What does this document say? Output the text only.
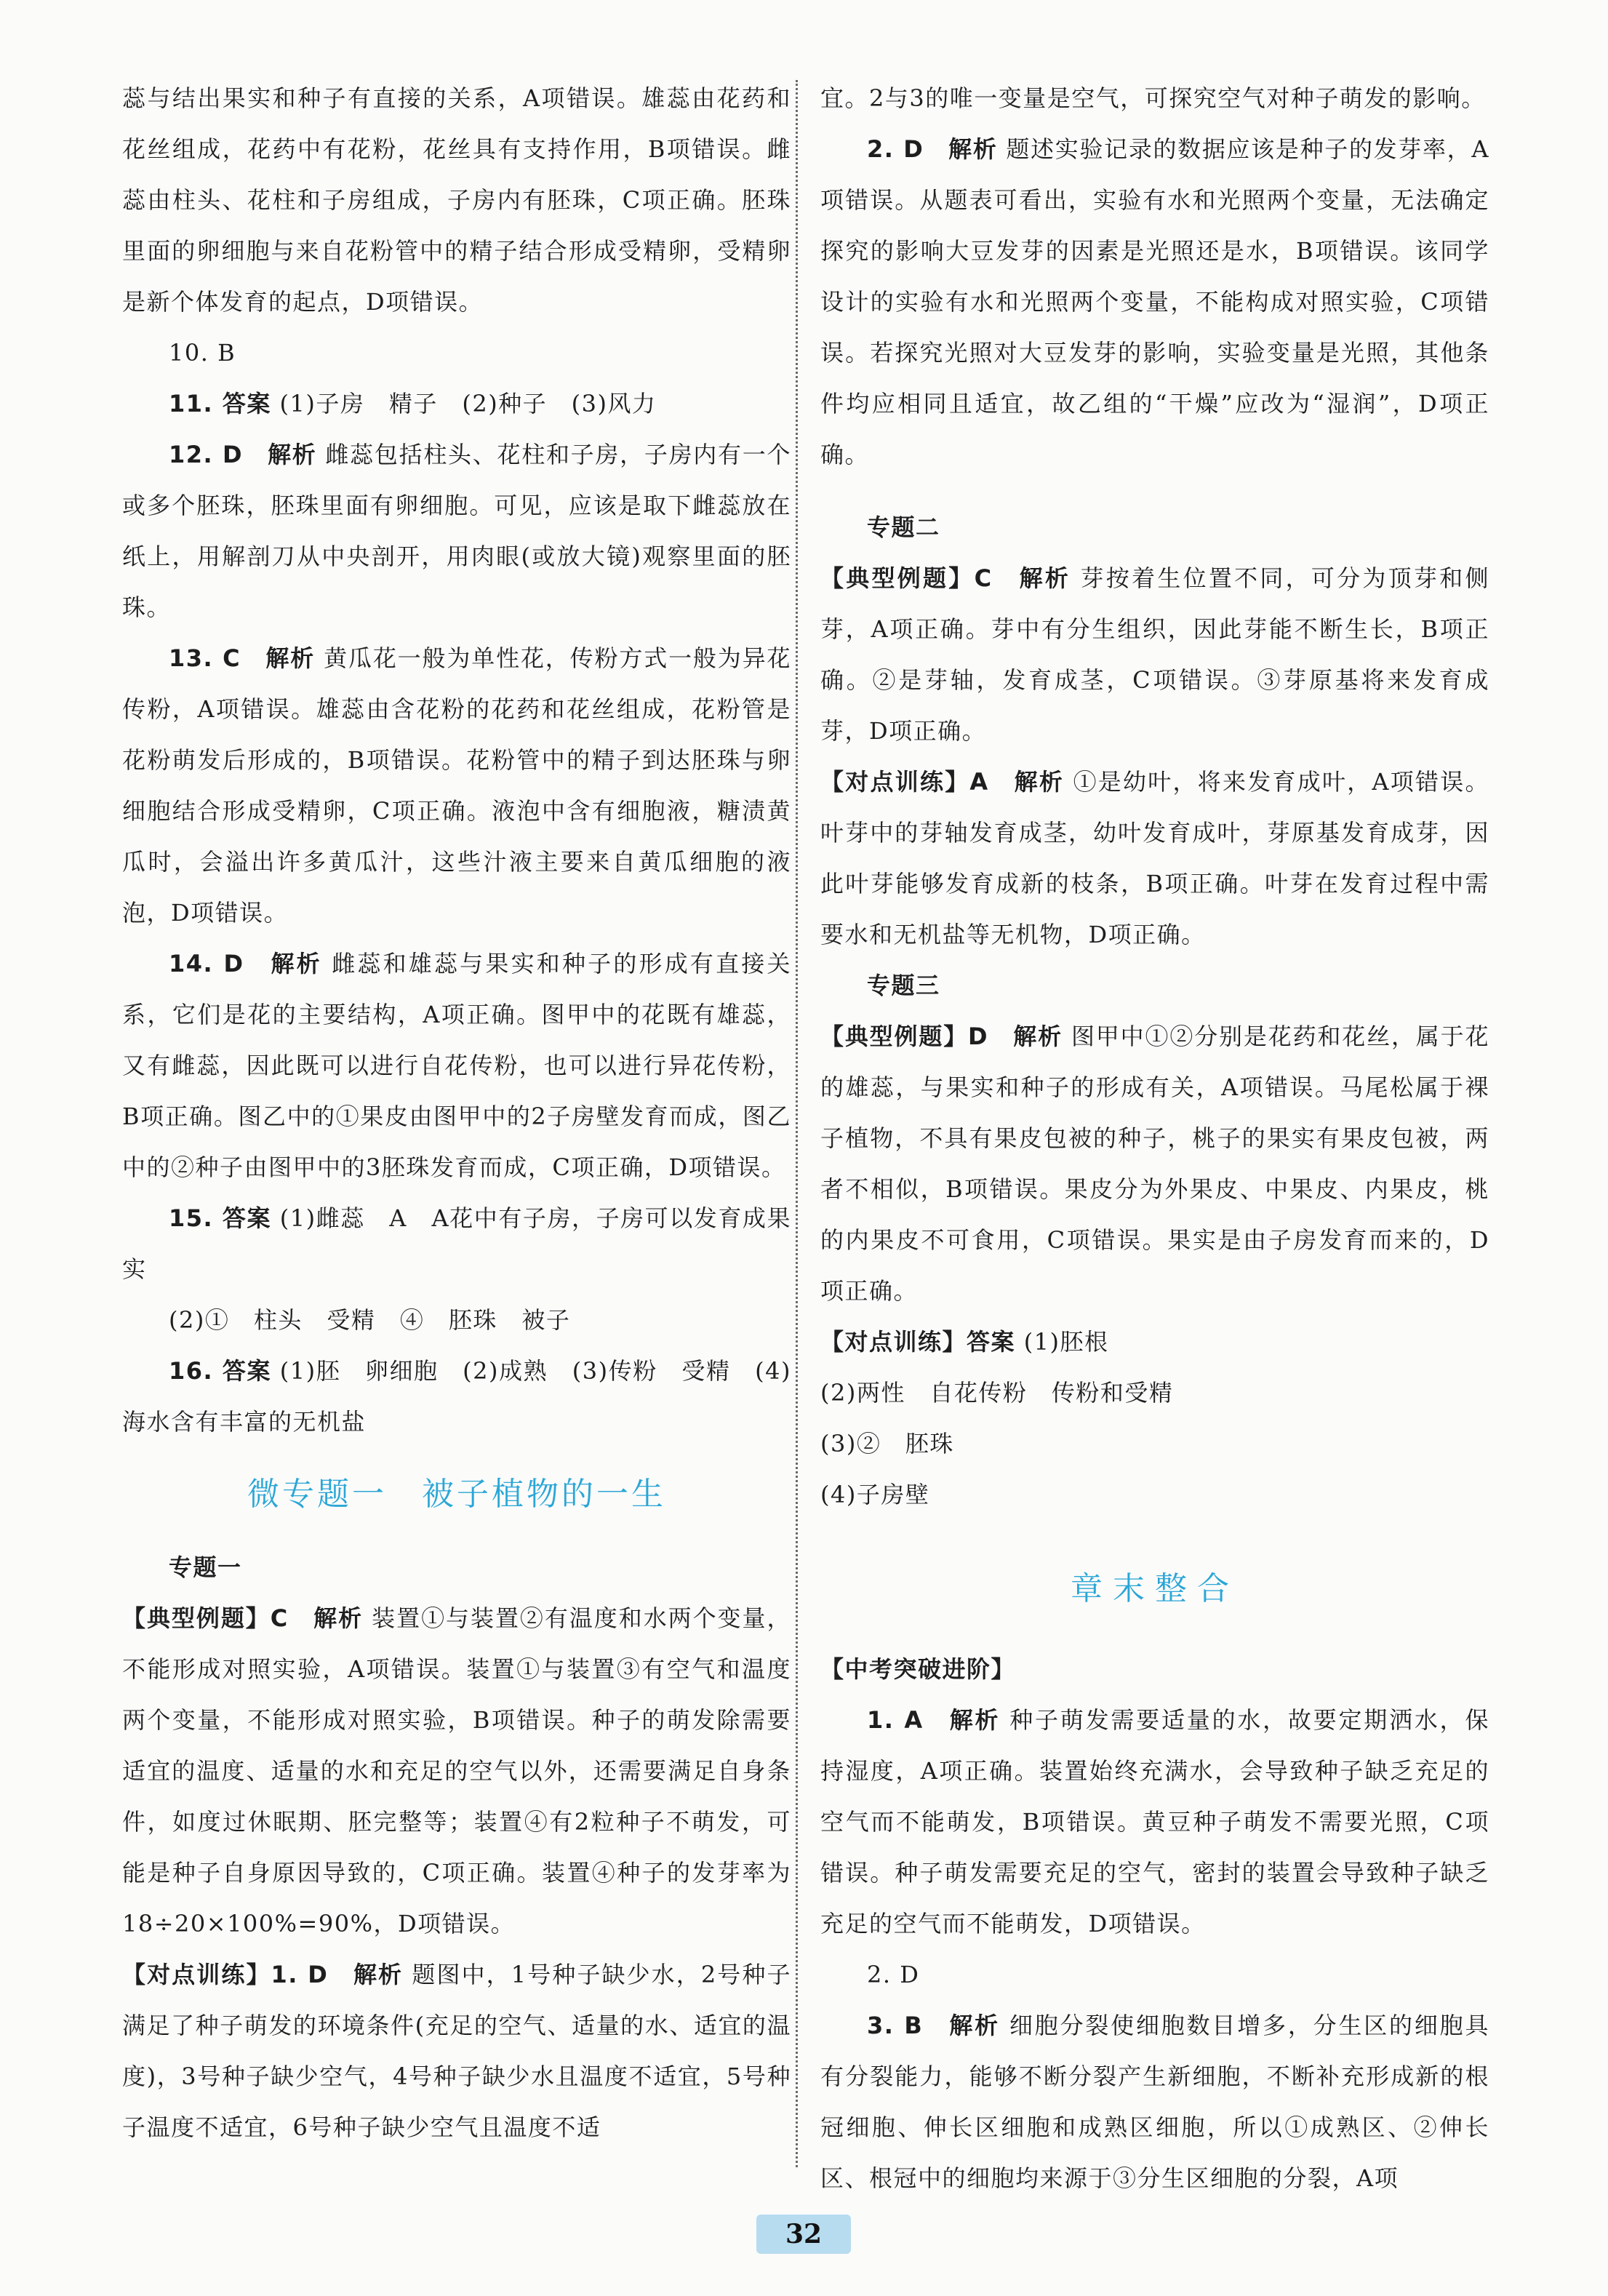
蕊与结出果实和种子有直接的关系，A项错误。雄蕊由花药和花丝组成，花药中有花粉，花丝具有支持作用，B项错误。雌蕊由柱头、花柱和子房组成，子房内有胚珠，C项正确。胚珠里面的卵细胞与来自花粉管中的精子结合形成受精卵，受精卵是新个体发育的起点，D项错误。

10. B

11. 答案 (1)子房　精子　(2)种子　(3)风力

12. D　解析 雌蕊包括柱头、花柱和子房，子房内有一个或多个胚珠，胚珠里面有卵细胞。可见，应该是取下雌蕊放在纸上，用解剖刀从中央剖开，用肉眼(或放大镜)观察里面的胚珠。

13. C　解析 黄瓜花一般为单性花，传粉方式一般为异花传粉，A项错误。雄蕊由含花粉的花药和花丝组成，花粉管是花粉萌发后形成的，B项错误。花粉管中的精子到达胚珠与卵细胞结合形成受精卵，C项正确。液泡中含有细胞液，糖渍黄瓜时，会溢出许多黄瓜汁，这些汁液主要来自黄瓜细胞的液泡，D项错误。

14. D　解析 雌蕊和雄蕊与果实和种子的形成有直接关系，它们是花的主要结构，A项正确。图甲中的花既有雄蕊，又有雌蕊，因此既可以进行自花传粉，也可以进行异花传粉，B项正确。图乙中的①果皮由图甲中的2子房壁发育而成，图乙中的②种子由图甲中的3胚珠发育而成，C项正确，D项错误。

15. 答案 (1)雌蕊　A　A花中有子房，子房可以发育成果实

(2)①　柱头　受精　④　胚珠　被子

16. 答案 (1)胚　卵细胞　(2)成熟　(3)传粉　受精　(4)海水含有丰富的无机盐

微专题一　被子植物的一生

专题一

【典型例题】C　解析 装置①与装置②有温度和水两个变量，不能形成对照实验，A项错误。装置①与装置③有空气和温度两个变量，不能形成对照实验，B项错误。种子的萌发除需要适宜的温度、适量的水和充足的空气以外，还需要满足自身条件，如度过休眠期、胚完整等；装置④有2粒种子不萌发，可能是种子自身原因导致的，C项正确。装置④种子的发芽率为18÷20×100%=90%，D项错误。

【对点训练】1. D　解析 题图中，1号种子缺少水，2号种子满足了种子萌发的环境条件(充足的空气、适量的水、适宜的温度)，3号种子缺少空气，4号种子缺少水且温度不适宜，5号种子温度不适宜，6号种子缺少空气且温度不适

宜。2与3的唯一变量是空气，可探究空气对种子萌发的影响。

2. D　解析 题述实验记录的数据应该是种子的发芽率，A项错误。从题表可看出，实验有水和光照两个变量，无法确定探究的影响大豆发芽的因素是光照还是水，B项错误。该同学设计的实验有水和光照两个变量，不能构成对照实验，C项错误。若探究光照对大豆发芽的影响，实验变量是光照，其他条件均应相同且适宜，故乙组的“干燥”应改为“湿润”，D项正确。

专题二

【典型例题】C　解析 芽按着生位置不同，可分为顶芽和侧芽，A项正确。芽中有分生组织，因此芽能不断生长，B项正确。②是芽轴，发育成茎，C项错误。③芽原基将来发育成芽，D项正确。

【对点训练】A　解析 ①是幼叶，将来发育成叶，A项错误。叶芽中的芽轴发育成茎，幼叶发育成叶，芽原基发育成芽，因此叶芽能够发育成新的枝条，B项正确。叶芽在发育过程中需要水和无机盐等无机物，D项正确。

专题三

【典型例题】D　解析 图甲中①②分别是花药和花丝，属于花的雄蕊，与果实和种子的形成有关，A项错误。马尾松属于裸子植物，不具有果皮包被的种子，桃子的果实有果皮包被，两者不相似，B项错误。果皮分为外果皮、中果皮、内果皮，桃的内果皮不可食用，C项错误。果实是由子房发育而来的，D项正确。

【对点训练】答案 (1)胚根

(2)两性　自花传粉　传粉和受精

(3)②　胚珠

(4)子房壁

章末整合

【中考突破进阶】

1. A　解析 种子萌发需要适量的水，故要定期洒水，保持湿度，A项正确。装置始终充满水，会导致种子缺乏充足的空气而不能萌发，B项错误。黄豆种子萌发不需要光照，C项错误。种子萌发需要充足的空气，密封的装置会导致种子缺乏充足的空气而不能萌发，D项错误。

2. D

3. B　解析 细胞分裂使细胞数目增多，分生区的细胞具有分裂能力，能够不断分裂产生新细胞，不断补充形成新的根冠细胞、伸长区细胞和成熟区细胞，所以①成熟区、②伸长区、根冠中的细胞均来源于③分生区细胞的分裂，A项

32
